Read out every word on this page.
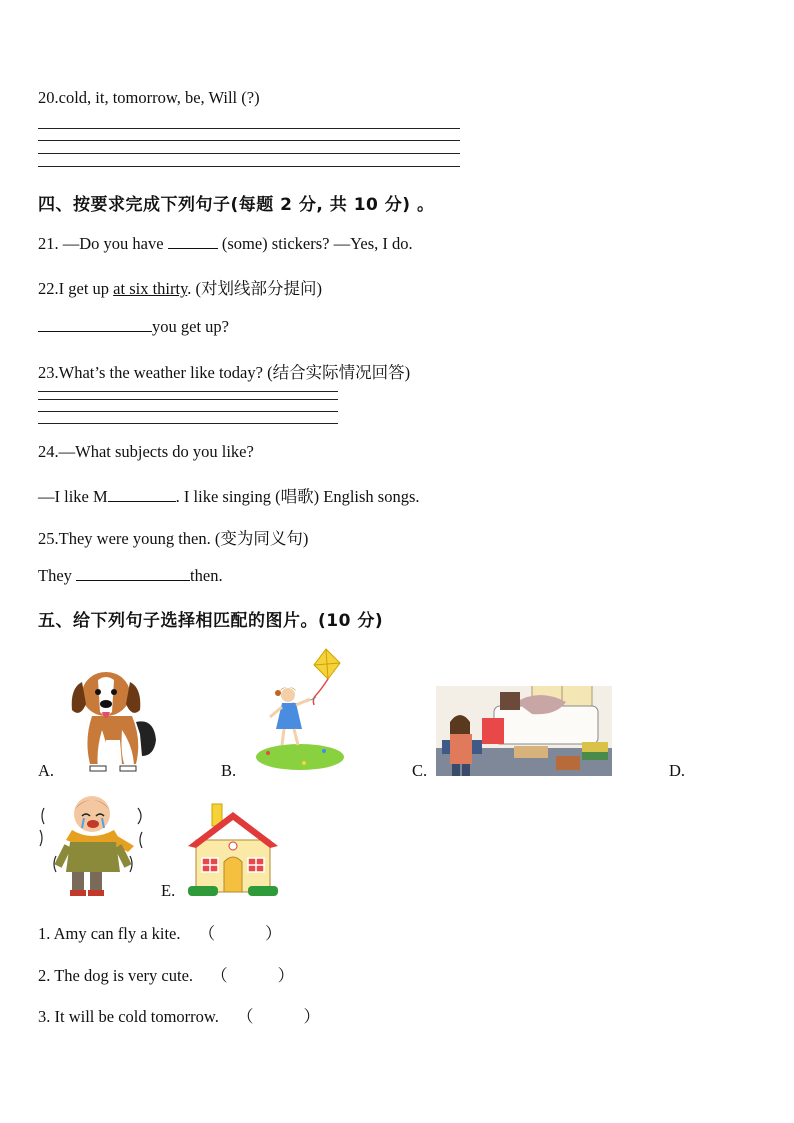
20.cold, it, tomorrow, be, Will (?)
四、按要求完成下列句子(每题 2 分, 共 10 分) 。
21. —Do you have	(some) stickers? —Yes, I do.
22.I get up at six thirty. (对划线部分提问)
you get up?
23.What’s the weather like today? (结合实际情况回答)
24.—What subjects do you like?
—I like M	. I like singing (唱歌) English songs.
25.They were young then. (变为同义句)
They	then.
五、给下列句子选择相匹配的图片。(10 分)
A.	B.	C.	D.
E.
1. Amy can fly a kite. （	）
2. The dog is very cute. （	）
3. It will be cold tomorrow. （	）
